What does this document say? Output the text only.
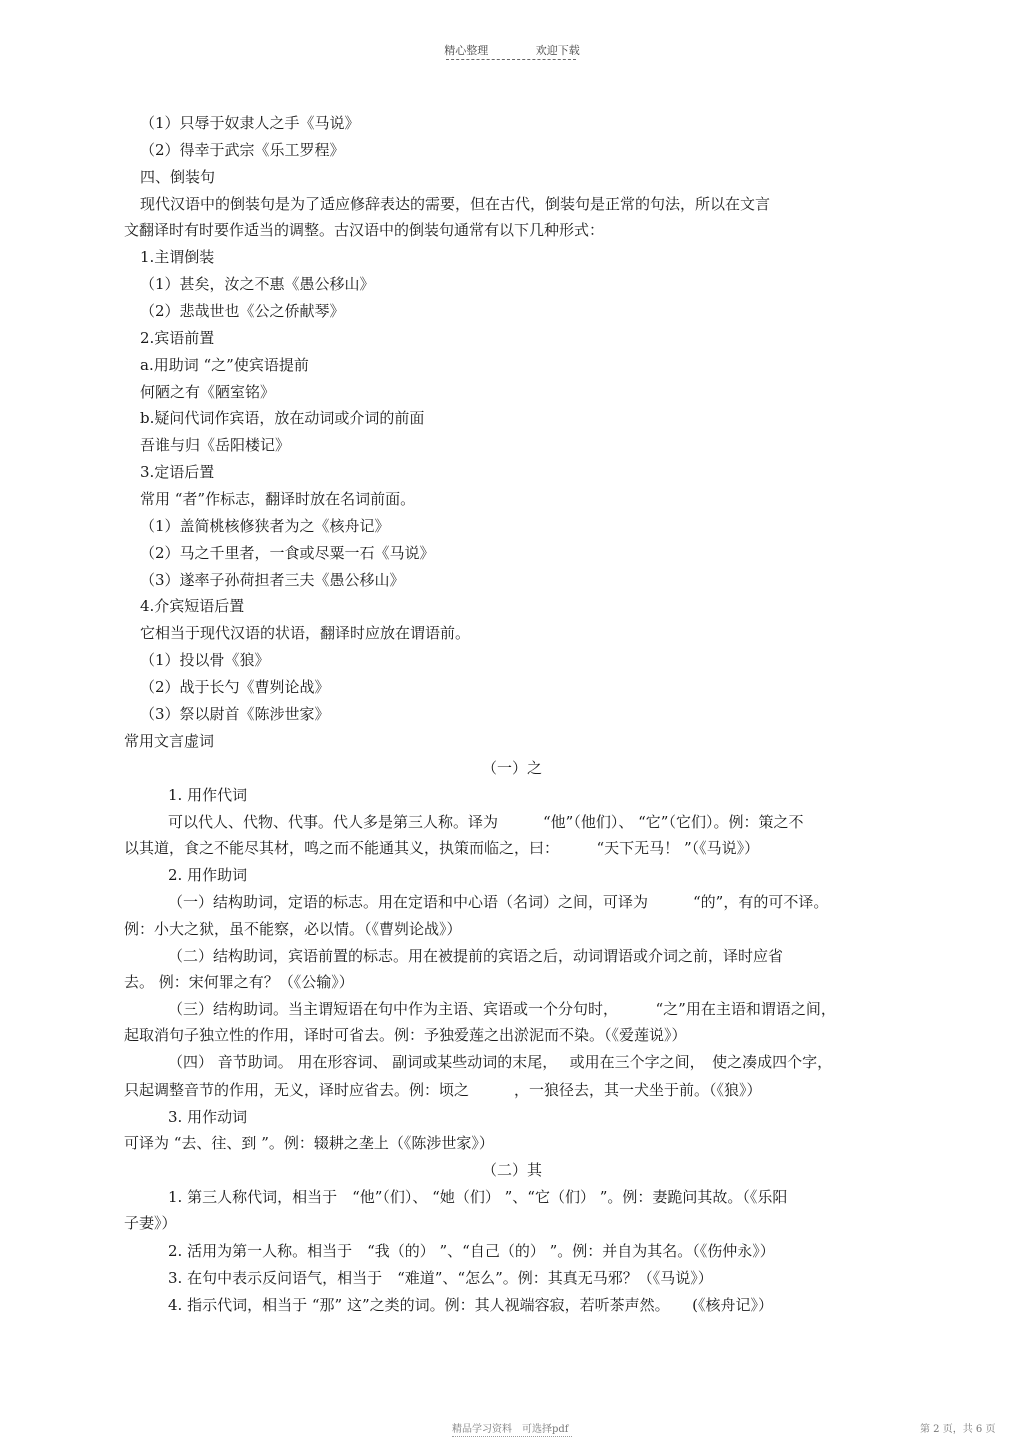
精心整理	欢迎下载
（1）只辱于奴隶人之手《马说》
（2）得幸于武宗《乐工罗程》
四、倒装句
现代汉语中的倒装句是为了适应修辞表达的需要，但在古代，倒装句是正常的句法，所以在文言
文翻译时有时要作适当的调整。古汉语中的倒装句通常有以下几种形式：
1.主谓倒装
（1）甚矣，汝之不惠《愚公移山》
（2）悲哉世也《公之侨献琴》
2.宾语前置
a.用助词 “之”使宾语提前
何陋之有《陋室铭》
b.疑问代词作宾语，放在动词或介词的前面
吾谁与归《岳阳楼记》
3.定语后置
常用 “者”作标志，翻译时放在名词前面。
（1）盖简桃核修狭者为之《核舟记》
（2）马之千里者，一食或尽粟一石《马说》
（3）遂率子孙荷担者三夫《愚公移山》
4.介宾短语后置
它相当于现代汉语的状语，翻译时应放在谓语前。
（1）投以骨《狼》
（2）战于长勺《曹刿论战》
（3）祭以尉首《陈涉世家》
常用文言虚词
（一）之
1. 用作代词
可以代人、代物、代事。代人多是第三人称。译为　　　“他”（他们）、 “它”（它们）。例：策之不
以其道，食之不能尽其材，鸣之而不能通其义，执策而临之，曰：　　　“天下无马！ ”（《马说》）
2. 用作助词
（一）结构助词，定语的标志。用在定语和中心语（名词）之间，可译为　　　“的”，有的可不译。
例：小大之狱，虽不能察，必以情。（《曹刿论战》）
（二）结构助词，宾语前置的标志。用在被提前的宾语之后，动词谓语或介词之前，译时应省
去。 例：宋何罪之有？（《公输》）
（三）结构助词。当主谓短语在句中作为主语、宾语或一个分句时，　　　“之”用在主语和谓语之间，
起取消句子独立性的作用，译时可省去。例：予独爱莲之出淤泥而不染。（《爱莲说》）
（四） 音节助词。 用在形容词、 副词或某些动词的末尾，　 或用在三个字之间，　使之凑成四个字，
只起调整音节的作用，无义，译时应省去。例：顷之　　　，一狼径去，其一犬坐于前。（《狼》）
3. 用作动词
可译为 “去、往、到 ”。例：辍耕之垄上（《陈涉世家》）
（二）其
1. 第三人称代词，相当于　“他”（们）、 “她（们） ”、“它（们） ”。例：妻跪问其故。（《乐阳
子妻》）
2. 活用为第一人称。相当于　“我（的） ”、“自己（的） ”。例：并自为其名。（《伤仲永》）
3. 在句中表示反问语气，相当于　“难道”、“怎么”。例：其真无马邪？（《马说》）
4. 指示代词，相当于 “那” 这”之类的词。例：其人视端容寂，若听茶声然。　　(《核舟记》）
精品学习资料　可选择pdf	第 2 页，共 6 页
